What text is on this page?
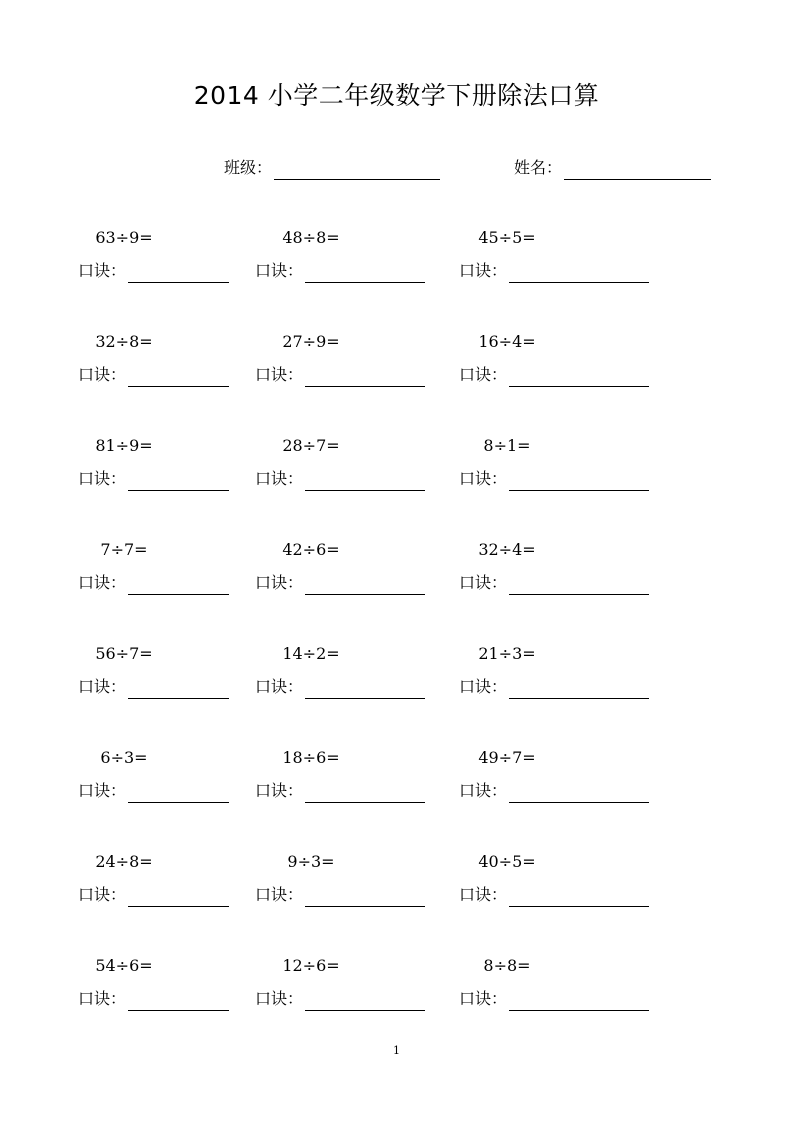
2014 小学二年级数学下册除法口算
班级：	姓名：
63÷9=
口诀：
48÷8=
口诀：
45÷5=
口诀：
32÷8=
口诀：
27÷9=
口诀：
16÷4=
口诀：
81÷9=
口诀：
28÷7=
口诀：
8÷1=
口诀：
7÷7=
口诀：
42÷6=
口诀：
32÷4=
口诀：
56÷7=
口诀：
14÷2=
口诀：
21÷3=
口诀：
6÷3=
口诀：
18÷6=
口诀：
49÷7=
口诀：
24÷8=
口诀：
9÷3=
口诀：
40÷5=
口诀：
54÷6=
口诀：
12÷6=
口诀：
8÷8=
口诀：
1
